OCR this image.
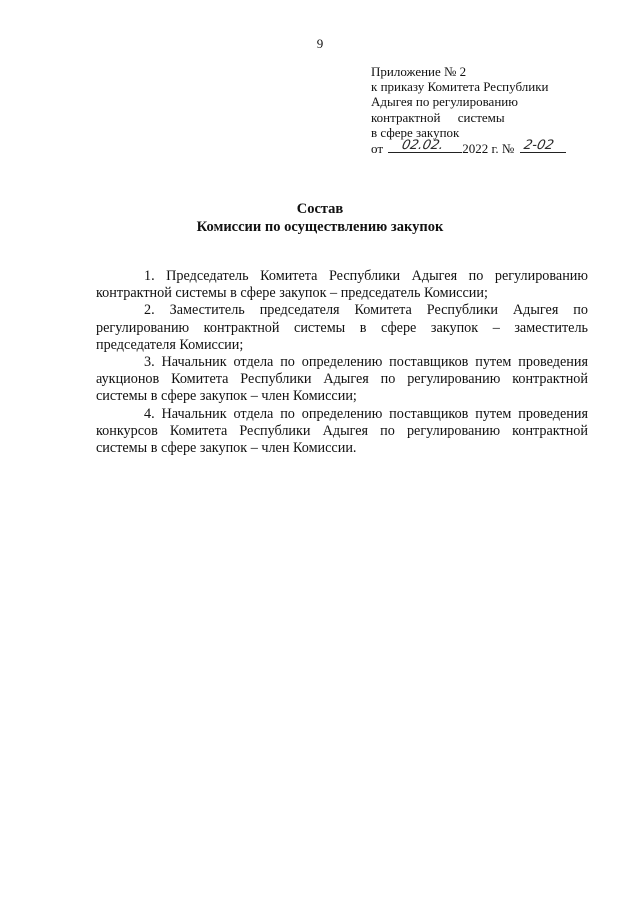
9
Приложение № 2
к приказу Комитета Республики
Адыгея по регулированию
контрактной системы
в сфере закупок
от 02.02. 2022 г. № 2-02
Состав
Комиссии по осуществлению закупок

1. Председатель Комитета Республики Адыгея по регулированию контрактной системы в сфере закупок – председатель Комиссии;

2. Заместитель председателя Комитета Республики Адыгея по регулированию контрактной системы в сфере закупок – заместитель председателя Комиссии;

3. Начальник отдела по определению поставщиков путем проведения аукционов Комитета Республики Адыгея по регулированию контрактной системы в сфере закупок – член Комиссии;

4. Начальник отдела по определению поставщиков путем проведения конкурсов Комитета Республики Адыгея по регулированию контрактной системы в сфере закупок – член Комиссии.
